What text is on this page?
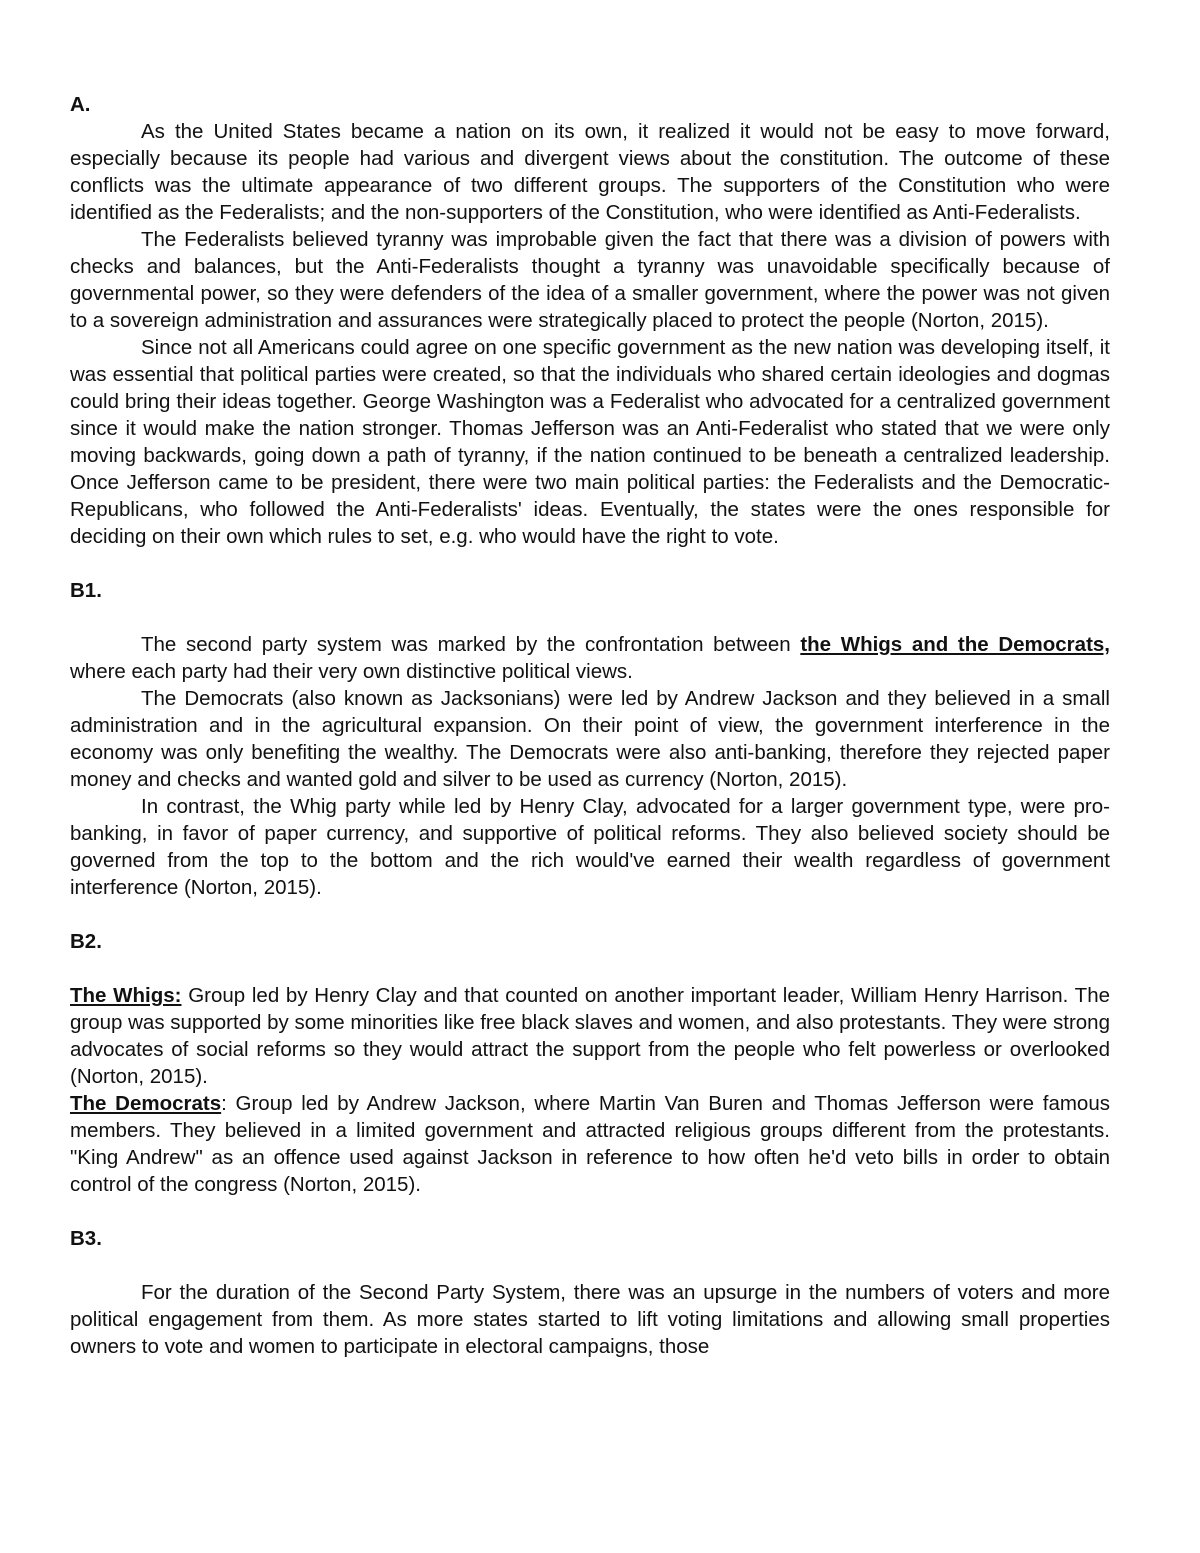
A.

As the United States became a nation on its own, it realized it would not be easy to move forward, especially because its people had various and divergent views about the constitution. The outcome of these conflicts was the ultimate appearance of two different groups. The supporters of the Constitution who were identified as the Federalists; and the non-supporters of the Constitution, who were identified as Anti-Federalists.

The Federalists believed tyranny was improbable given the fact that there was a division of powers with checks and balances, but the Anti-Federalists thought a tyranny was unavoidable specifically because of governmental power, so they were defenders of the idea of a smaller government, where the power was not given to a sovereign administration and assurances were strategically placed to protect the people (Norton, 2015).

Since not all Americans could agree on one specific government as the new nation was developing itself, it was essential that political parties were created, so that the individuals who shared certain ideologies and dogmas could bring their ideas together. George Washington was a Federalist who advocated for a centralized government since it would make the nation stronger. Thomas Jefferson was an Anti-Federalist who stated that we were only moving backwards, going down a path of tyranny, if the nation continued to be beneath a centralized leadership. Once Jefferson came to be president, there were two main political parties: the Federalists and the Democratic-Republicans, who followed the Anti-Federalists' ideas. Eventually, the states were the ones responsible for deciding on their own which rules to set, e.g. who would have the right to vote.

B1.

The second party system was marked by the confrontation between the Whigs and the Democrats, where each party had their very own distinctive political views.

The Democrats (also known as Jacksonians) were led by Andrew Jackson and they believed in a small administration and in the agricultural expansion. On their point of view, the government interference in the economy was only benefiting the wealthy. The Democrats were also anti-banking, therefore they rejected paper money and checks and wanted gold and silver to be used as currency (Norton, 2015).

In contrast, the Whig party while led by Henry Clay, advocated for a larger government type, were pro-banking, in favor of paper currency, and supportive of political reforms. They also believed society should be governed from the top to the bottom and the rich would've earned their wealth regardless of government interference (Norton, 2015).

B2.

The Whigs: Group led by Henry Clay and that counted on another important leader, William Henry Harrison. The group was supported by some minorities like free black slaves and women, and also protestants. They were strong advocates of social reforms so they would attract the support from the people who felt powerless or overlooked (Norton, 2015).

The Democrats: Group led by Andrew Jackson, where Martin Van Buren and Thomas Jefferson were famous members. They believed in a limited government and attracted religious groups different from the protestants. "King Andrew" as an offence used against Jackson in reference to how often he'd veto bills in order to obtain control of the congress (Norton, 2015).

B3.

For the duration of the Second Party System, there was an upsurge in the numbers of voters and more political engagement from them. As more states started to lift voting limitations and allowing small properties owners to vote and women to participate in electoral campaigns, those
